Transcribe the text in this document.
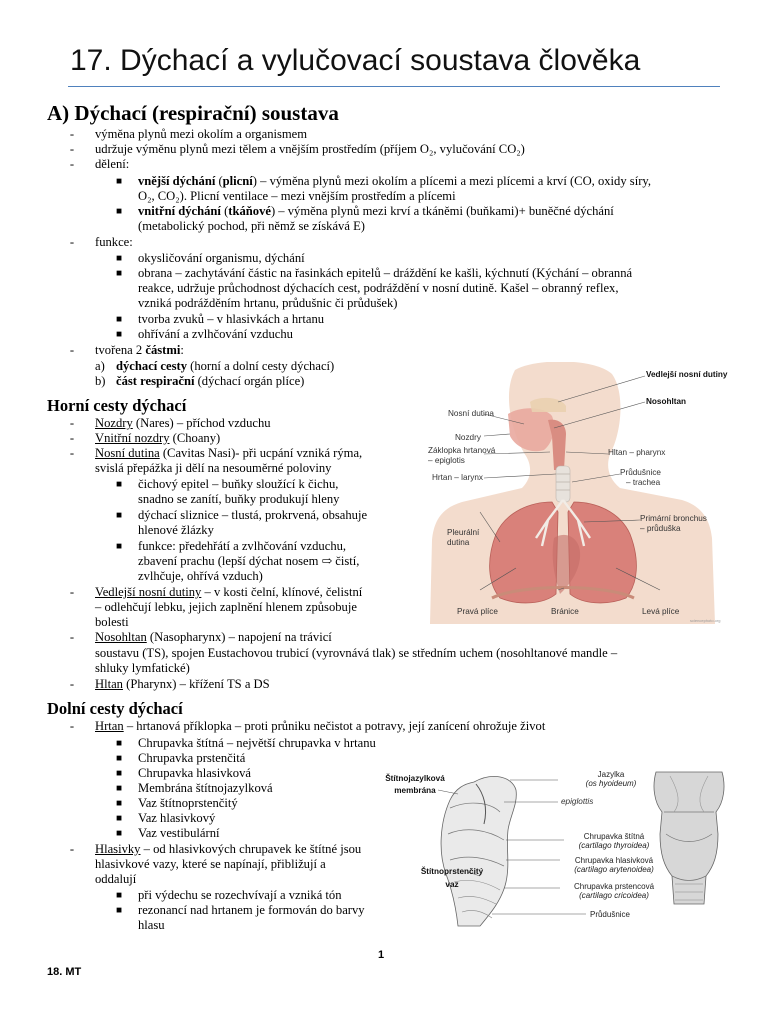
17. Dýchací a vylučovací soustava člověka
A) Dýchací (respirační) soustava
- výměna plynů mezi okolím a organismem
- udržuje výměnu plynů mezi tělem a vnějším prostředím (příjem O₂, vylučování CO₂)
- dělení:
■ vnější dýchání (plicní) – výměna plynů mezi okolím a plícemi a mezi plícemi a krví (CO, oxidy síry,
O₂, CO₂). Plicní ventilace – mezi vnějším prostředím a plícemi
■ vnitřní dýchání (tkáňové) – výměna plynů mezi krví a tkáněmi (buňkami)+ buněčné dýchání
(metabolický pochod, při němž se získává E)
- funkce:
■ okysličování organismu, dýchání
■ obrana – zachytávání částic na řasinkách epitelů – dráždění ke kašli, kýchnutí (Kýchání – obranná
reakce, udržuje průchodnost dýchacích cest, podráždění v nosní dutině. Kašel – obranný reflex,
vzniká podrážděním hrtanu, průdušnic či průdušek)
■ tvorba zvuků – v hlasivkách a hrtanu
■ ohřívání a zvlhčování vzduchu
- tvořena 2 částmi:
a) dýchací cesty (horní a dolní cesty dýchací)
b) část respirační (dýchací orgán plíce)
Horní cesty dýchací
- Nozdry (Nares) – příchod vzduchu
- Vnitřní nozdry (Choany)
- Nosní dutina (Cavitas Nasi)- při ucpání vzniká rýma,
svislá přepážka ji dělí na nesouměrné poloviny
■ čichový epitel – buňky sloužící k čichu,
snadno se zanítí, buňky produkují hleny
■ dýchací sliznice – tlustá, prokrvená, obsahuje
hlenové žlázky
■ funkce: předehřátí a zvlhčování vzduchu,
zbavení prachu (lepší dýchat nosem ⇨ čistí,
zvlhčuje, ohřívá vzduch)
- Vedlejší nosní dutiny – v kosti čelní, klínové, čelistní
– odlehčují lebku, jejich zaplnění hlenem způsobuje
bolesti
- Nosohltan (Nasopharynx) – napojení na trávicí
soustavu (TS), spojen Eustachovou trubicí (vyrovnává tlak) se středním uchem (nosohltanové mandle –
shluky lymfatické)
- Hltan (Pharynx) – křížení TS a DS
Dolní cesty dýchací
- Hrtan – hrtanová příklopka – proti průniku nečistot a potravy, její zanícení ohrožuje život
■ Chrupavka štítná – největší chrupavka v hrtanu
■ Chrupavka prstenčitá
■ Chrupavka hlasivková
■ Membrána štítnojazylková
■ Vaz štítnoprstenčitý
■ Vaz hlasivkový
■ Vaz vestibulární
- Hlasivky – od hlasivkových chrupavek ke štítné jsou
hlasivkové vazy, které se napínají, přibližují a
oddalují
■ při výdechu se rozechvívají a vzniká tón
■ rezonancí nad hrtanem je formován do barvy
hlasu
Vedlejší nosní dutiny
Nosohltan
Nosní dutina
Nozdry
Záklopka hrtanová
– epiglotis
Hltan – pharynx
Hrtan – larynx
Průdušnice
– trachea
Primární bronchus
– průduška
Pleurální
dutina
Pravá plíce	Bránice	Levá plíce
sciencephoto.org
Štítnojazylková
membrána
Štítnoprstenčitý
vaz
Jazylka
(os hyoideum)
epiglottis
Chrupavka štítná
(cartilago thyroidea)
Chrupavka hlasivková
(cartilago arytenoidea)
Chrupavka prstencová
(cartilago cricoidea)
Průdušnice
1
18. MT
